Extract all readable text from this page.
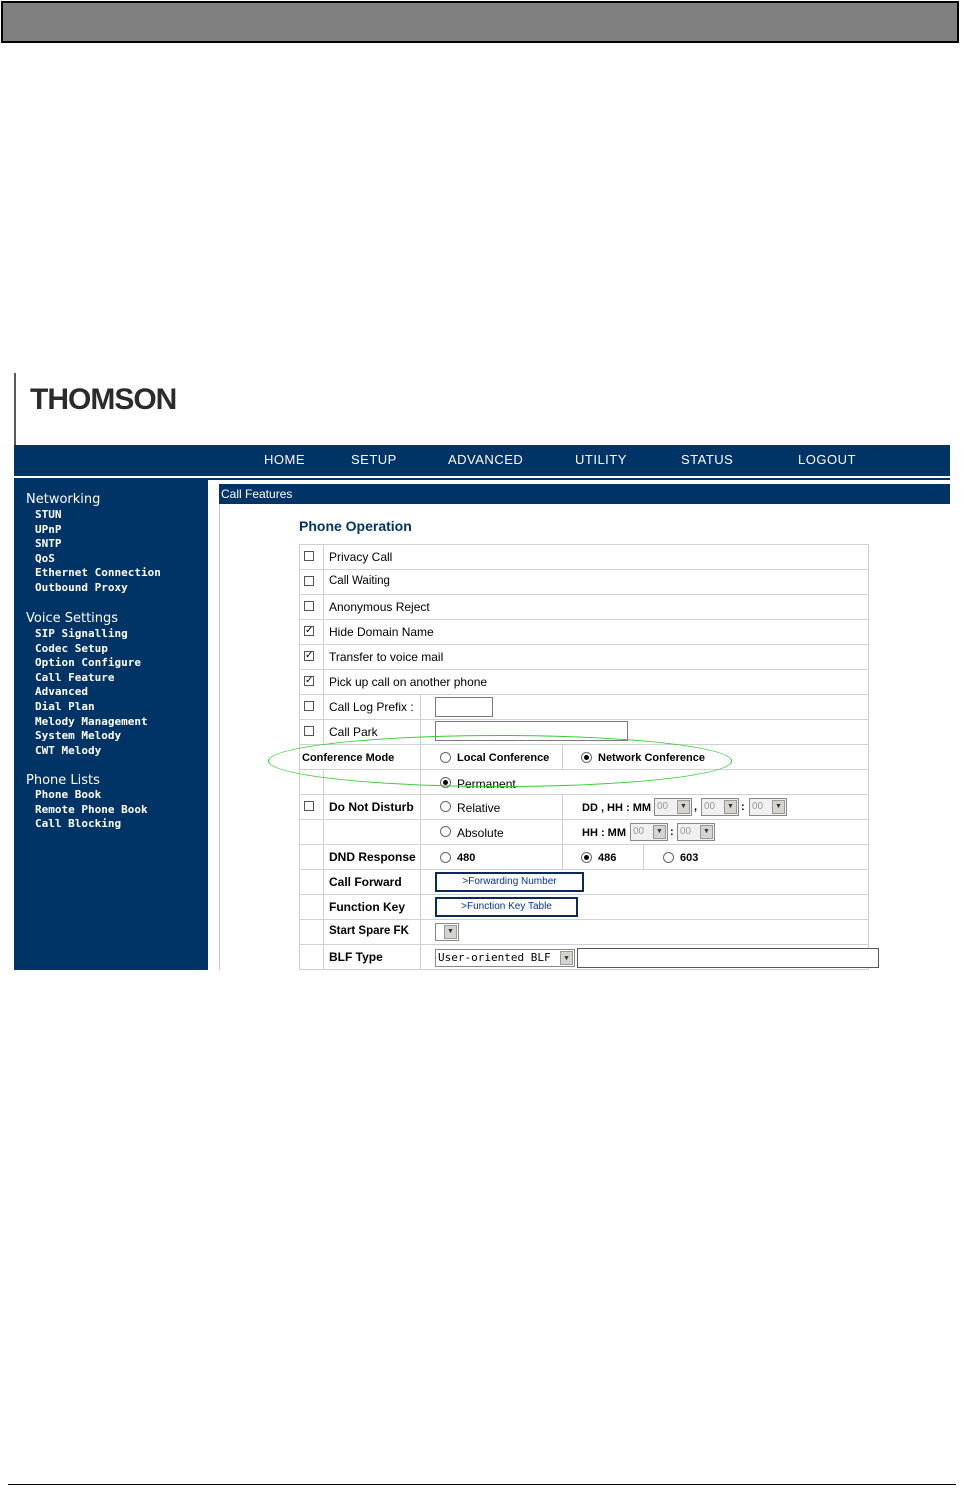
THOMSON
HOME	SETUP	ADVANCED	UTILITY	STATUS	LOGOUT
Networking
STUN
UPnP
SNTP
QoS
Ethernet Connection
Outbound Proxy
Voice Settings
SIP Signalling
Codec Setup
Option Configure
Call Feature
Advanced
Dial Plan
Melody Management
System Melody
CWT Melody
Phone Lists
Phone Book
Remote Phone Book
Call Blocking
Call Features
Phone Operation
Privacy Call
Call Waiting
Anonymous Reject
✓ Hide Domain Name
✓ Transfer to voice mail
✓ Pick up call on another phone
Call Log Prefix :
Call Park
Conference Mode	Local Conference	Network Conference
Permanent
Do Not Disturb	Relative	DD , HH : MM 00	▼ , 00	▼ : 00	▼
Absolute	HH : MM 00	▼ : 00	▼
DND Response	480	486	603
Call Forward	>Forwarding Number
Function Key	>Function Key Table
Start Spare FK	▼
BLF Type	User-oriented BLF	▼
